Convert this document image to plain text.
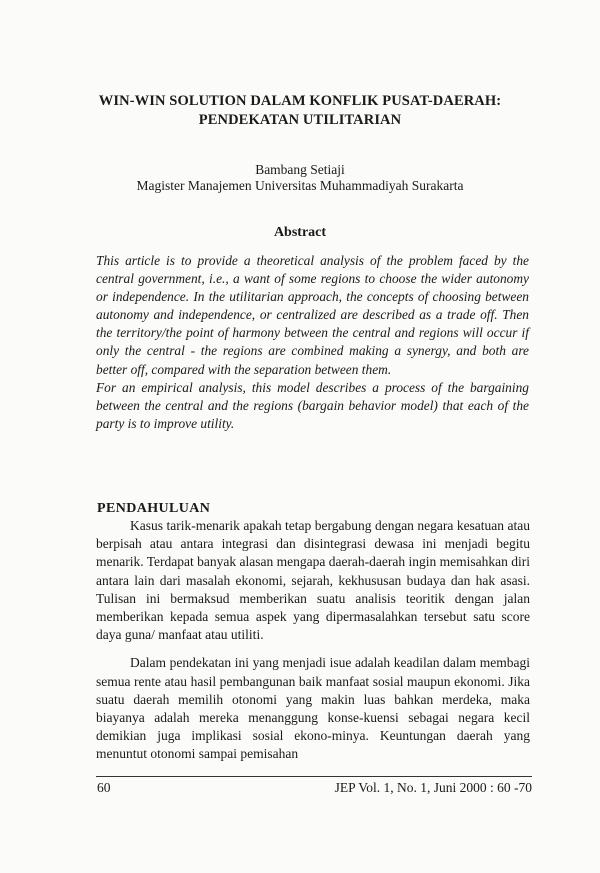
WIN-WIN SOLUTION DALAM KONFLIK PUSAT-DAERAH:
PENDEKATAN UTILITARIAN
Bambang Setiaji
Magister Manajemen Universitas Muhammadiyah Surakarta
Abstract

This article is to provide a theoretical analysis of the problem faced by the central government, i.e., a want of some regions to choose the wider autonomy or independence. In the utilitarian approach, the concepts of choosing between autonomy and independence, or centralized are described as a trade off. Then the territory/the point of harmony between the central and regions will occur if only the central - the regions are combined making a synergy, and both are better off, compared with the separation between them.

For an empirical analysis, this model describes a process of the bargaining between the central and the regions (bargain behavior model) that each of the party is to improve utility.

PENDAHULUAN

Kasus tarik-menarik apakah tetap bergabung dengan negara kesatuan atau berpisah atau antara integrasi dan disintegrasi dewasa ini menjadi begitu menarik. Terdapat banyak alasan mengapa daerah-daerah ingin memisahkan diri antara lain dari masalah ekonomi, sejarah, kekhususan budaya dan hak asasi. Tulisan ini bermaksud memberikan suatu analisis teoritik dengan jalan memberikan kepada semua aspek yang dipermasalahkan tersebut satu score daya guna/ manfaat atau utiliti.

Dalam pendekatan ini yang menjadi isue adalah keadilan dalam membagi semua rente atau hasil pembangunan baik manfaat sosial maupun ekonomi. Jika suatu daerah memilih otonomi yang makin luas bahkan merdeka, maka biayanya adalah mereka menanggung konse-kuensi sebagai negara kecil demikian juga implikasi sosial ekono-minya. Keuntungan daerah yang menuntut otonomi sampai pemisahan

60	JEP Vol. 1, No. 1, Juni 2000 : 60 -70
